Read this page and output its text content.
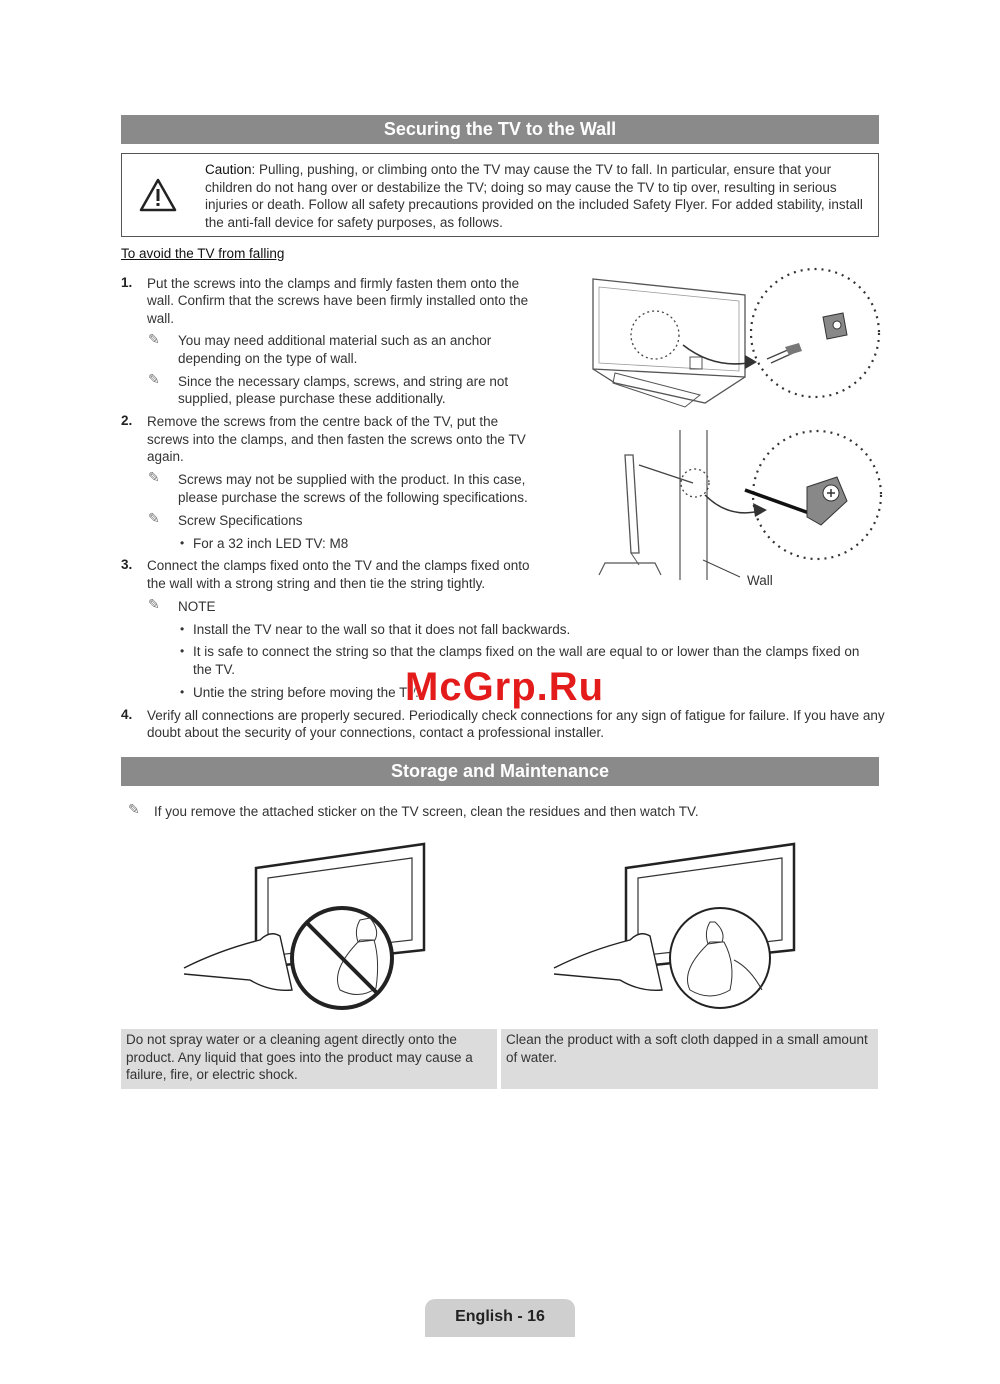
Securing the TV to the Wall
Caution: Pulling, pushing, or climbing onto the TV may cause the TV to fall. In particular, ensure that your children do not hang over or destabilize the TV; doing so may cause the TV to tip over, resulting in serious injuries or death. Follow all safety precautions provided on the included Safety Flyer. For added stability, install the anti-fall device for safety purposes, as follows.
To avoid the TV from falling
1. Put the screws into the clamps and firmly fasten them onto the
wall. Confirm that the screws have been firmly installed onto the
wall.
✎ You may need additional material such as an anchor
depending on the type of wall.
✎ Since the necessary clamps, screws, and string are not
supplied, please purchase these additionally.
2. Remove the screws from the centre back of the TV, put the
screws into the clamps, and then fasten the screws onto the TV
again.
✎ Screws may not be supplied with the product. In this case,
please purchase the screws of the following specifications.
✎ Screw Specifications
• For a 32 inch LED TV: M8
3. Connect the clamps fixed onto the TV and the clamps fixed onto
the wall with a strong string and then tie the string tightly.
✎ NOTE
• Install the TV near to the wall so that it does not fall backwards.
• It is safe to connect the string so that the clamps fixed on the wall are equal to or lower than the clamps fixed on
the TV.
• Untie the string before moving the TV.
4. Verify all connections are properly secured. Periodically check connections for any sign of fatigue for failure. If you have any
doubt about the security of your connections, contact a professional installer.
Wall
McGrp.Ru
Storage and Maintenance
✎ If you remove the attached sticker on the TV screen, clean the residues and then watch TV.
Do not spray water or a cleaning agent directly onto the
product. Any liquid that goes into the product may cause a
failure, fire, or electric shock.
Clean the product with a soft cloth dapped in a small amount
of water.
English - 16
